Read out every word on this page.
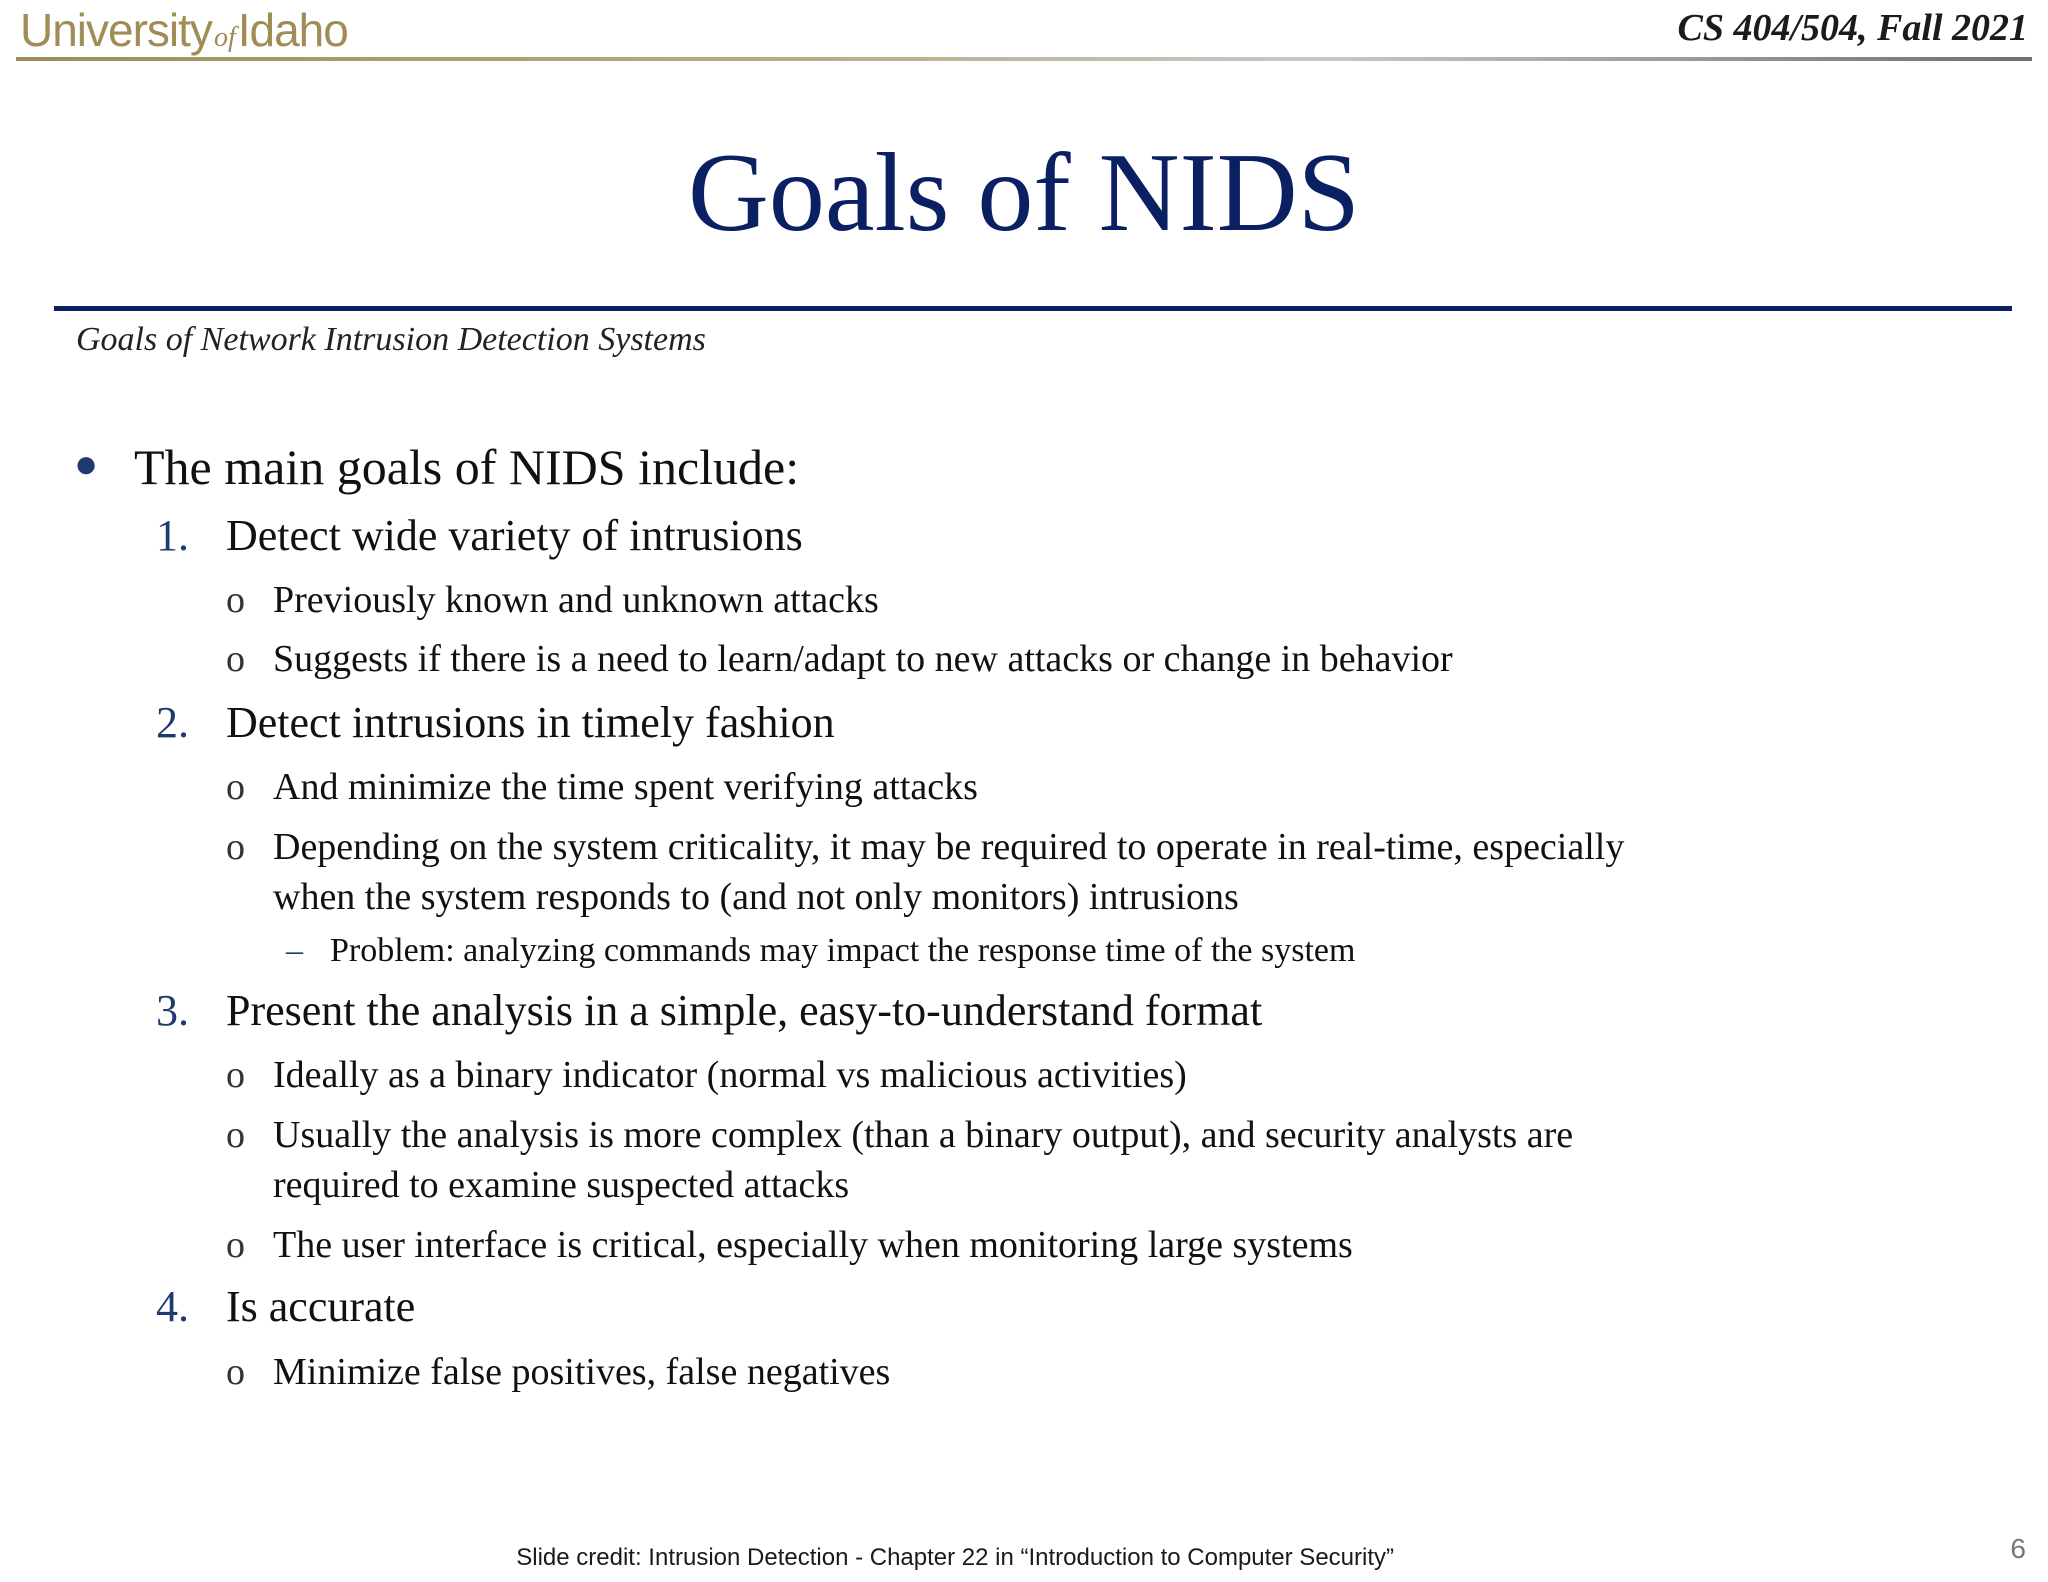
UniversityofIdaho	CS 404/504, Fall 2021
Goals of NIDS
Goals of Network Intrusion Detection Systems
● The main goals of NIDS include:
1. Detect wide variety of intrusions
o Previously known and unknown attacks
o Suggests if there is a need to learn/adapt to new attacks or change in behavior
2. Detect intrusions in timely fashion
o And minimize the time spent verifying attacks
o Depending on the system criticality, it may be required to operate in real-time, especially
when the system responds to (and not only monitors) intrusions
– Problem: analyzing commands may impact the response time of the system
3. Present the analysis in a simple, easy-to-understand format
o Ideally as a binary indicator (normal vs malicious activities)
o Usually the analysis is more complex (than a binary output), and security analysts are
required to examine suspected attacks
o The user interface is critical, especially when monitoring large systems
4. Is accurate
o Minimize false positives, false negatives
Slide credit: Intrusion Detection - Chapter 22 in “Introduction to Computer Security”	6
